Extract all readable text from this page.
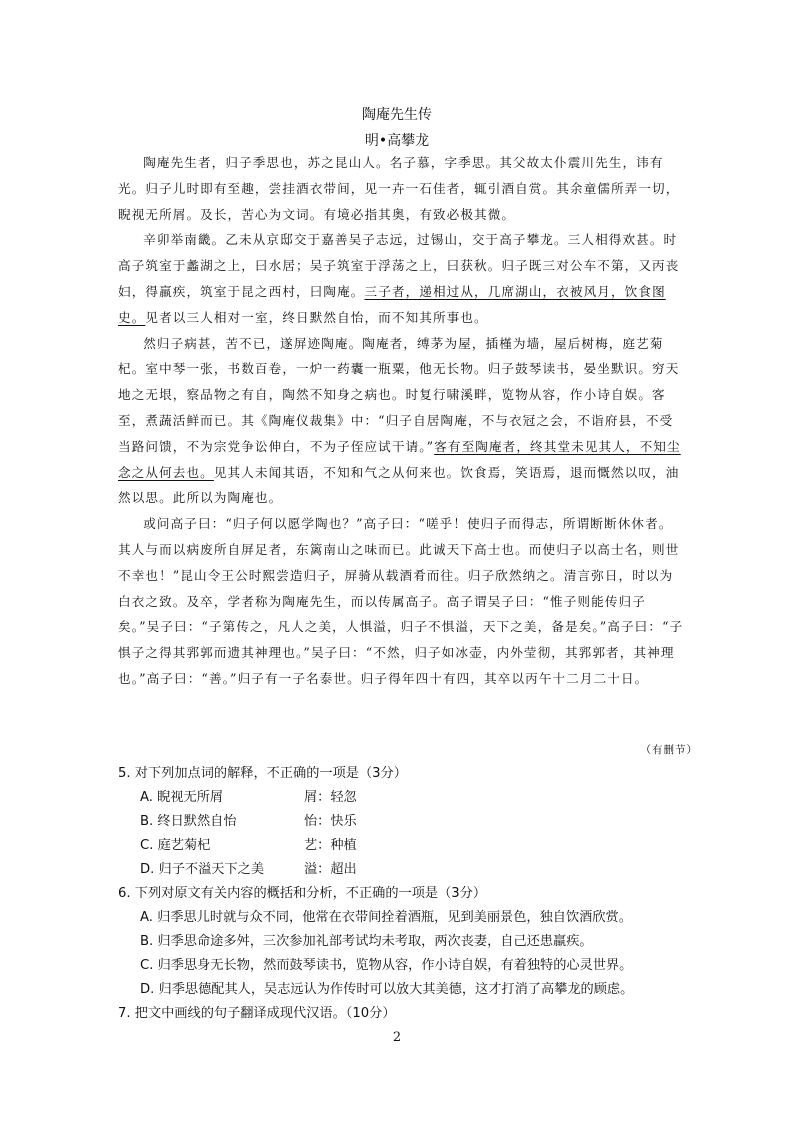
陶庵先生传
明•高攀龙

陶庵先生者，归子季思也，苏之昆山人。名子慕，字季思。其父故太仆震川先生，讳有光。归子儿时即有至趣，尝挂酒衣带间，见一卉一石佳者，辄引酒自赏。其余童儒所弄一切，睨视无所屑。及长，苦心为文词。有境必指其奥，有致必极其微。

辛卯举南畿。乙未从京邸交于嘉善吴子志远，过锡山，交于高子攀龙。三人相得欢甚。时高子筑室于蠡湖之上，曰水居；吴子筑室于浮荡之上，曰获秋。归子既三对公车不第，又丙丧妇，得羸疾，筑室于昆之西村，曰陶庵。三子者，递相过从，几席湖山，衣被风月，饮食图史。见者以三人相对一室，终日默然自怡，而不知其所事也。

然归子病甚，苦不已，遂屏迹陶庵。陶庵者，缚茅为屋，插槿为墙，屋后树梅，庭艺菊杞。室中琴一张，书数百卷，一炉一药囊一瓶粟，他无长物。归子鼓琴读书，晏坐默识。穷天地之无垠，察品物之有自，陶然不知身之病也。时复行啸溪畔，览物从容，作小诗自娱。客至，煮蔬活鲜而已。其《陶庵仪裁集》中：“归子自居陶庵，不与衣冠之会，不诣府县，不受当路问馈，不为宗党争讼伸白，不为子侄应试干请。”客有至陶庵者，终其堂未见其人，不知尘念之从何去也。见其人未闻其语，不知和气之从何来也。饮食焉，笑语焉，退而慨然以叹，油然以思。此所以为陶庵也。

或问高子曰：“归子何以愿学陶也？”高子曰：“嗟乎！使归子而得志，所谓断断休休者。其人与而以病废所自屏足者，东篱南山之味而已。此诚天下高士也。而使归子以高士名，则世不幸也！”昆山令王公时熙尝造归子，屏骑从载酒肴而往。归子欣然纳之。清言弥日，时以为白衣之致。及卒，学者称为陶庵先生，而以传属高子。高子谓吴子曰：“惟子则能传归子矣。”吴子曰：“子第传之，凡人之美，人惧溢，归子不惧溢，天下之美，备是矣。”高子曰：“子惧子之得其郛郭而遗其神理也。”吴子曰：“不然，归子如冰壶，内外莹彻，其郛郭者，其神理也。”高子曰：“善。”归子有一子名泰世。归子得年四十有四，其卒以丙午十二月二十日。

（有删节）

5. 对下列加点词的解释，不正确的一项是（3分）

A. 睨视无所屑	屑：轻忽
B. 终日默然自怡	怡：快乐
C. 庭艺菊杞	艺：种植
D. 归子不溢天下之美	溢：超出

6. 下列对原文有关内容的概括和分析，不正确的一项是（3分）

A. 归季思儿时就与众不同，他常在衣带间拴着酒瓶，见到美丽景色，独自饮酒欣赏。

B. 归季思命途多舛，三次参加礼部考试均未考取，两次丧妻，自己还患羸疾。

C. 归季思身无长物，然而鼓琴读书，览物从容，作小诗自娱，有着独特的心灵世界。

D. 归季思德配其人，吴志远认为作传时可以放大其美德，这才打消了高攀龙的顾虑。

7. 把文中画线的句子翻译成现代汉语。（10分）

2
